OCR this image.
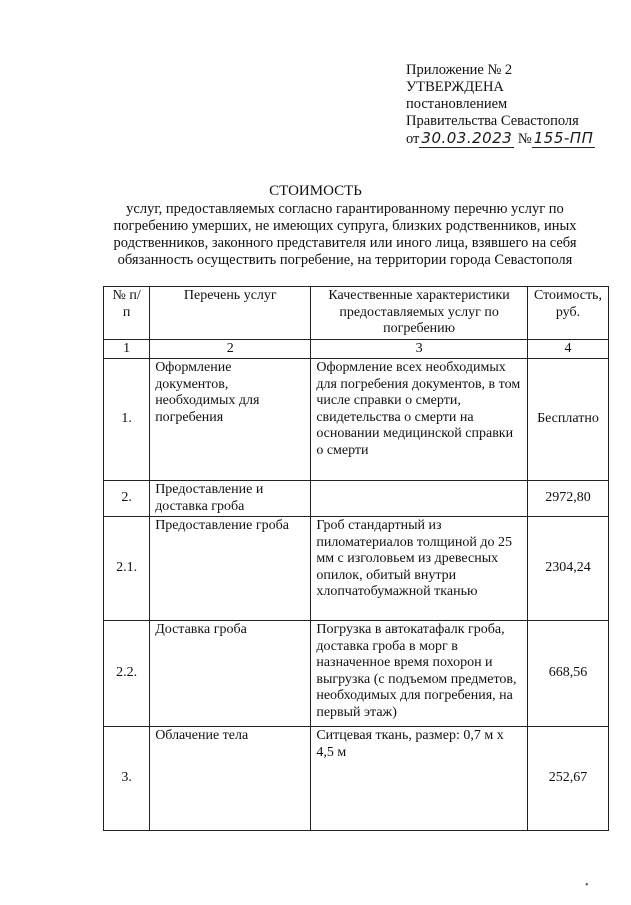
Приложение № 2
УТВЕРЖДЕНА
постановлением
Правительства Севастополя
от 30.03.2023 № 155-ПП
СТОИМОСТЬ
услуг, предоставляемых согласно гарантированному перечню услуг по погребению умерших, не имеющих супруга, близких родственников, иных родственников, законного представителя или иного лица, взявшего на себя обязанность осуществить погребение, на территории города Севастополя
№ п/п	Перечень услуг	Качественные характеристики предоставляемых услуг по погребению	Стоимость, руб.
1	2	3	4
1.	Оформление документов, необходимых для погребения	Оформление всех необходимых для погребения документов, в том числе справки о смерти, свидетельства о смерти на основании медицинской справки о смерти	Бесплатно
2.	Предоставление и доставка гроба		2972,80
2.1.	Предоставление гроба	Гроб стандартный из пиломатериалов толщиной до 25 мм с изголовьем из древесных опилок, обитый внутри хлопчатобумажной тканью	2304,24
2.2.	Доставка гроба	Погрузка в автокатафалк гроба, доставка гроба в морг в назначенное время похорон и выгрузка (с подъемом предметов, необходимых для погребения, на первый этаж)	668,56
3.	Облачение тела	Ситцевая ткань, размер: 0,7 м х 4,5 м	252,67
•
